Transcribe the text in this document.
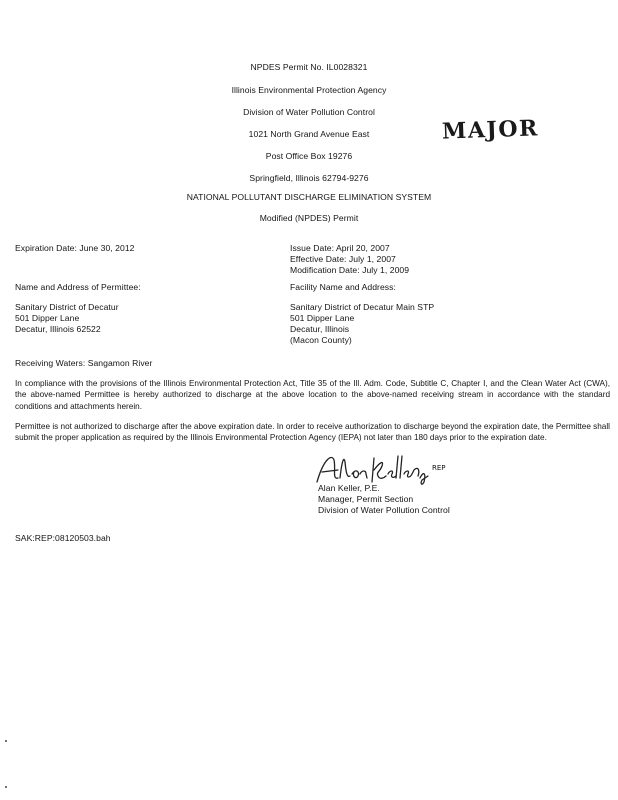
NPDES Permit No. IL0028321
Illinois Environmental Protection Agency
Division of Water Pollution Control
1021 North Grand Avenue East
Post Office Box 19276
Springfield, Illinois 62794-9276
NATIONAL POLLUTANT DISCHARGE ELIMINATION SYSTEM
Modified (NPDES) Permit
MAJOR
Expiration Date: June 30, 2012	Issue Date: April 20, 2007
Effective Date: July 1, 2007
Modification Date: July 1, 2009
Name and Address of Permittee:
Sanitary District of Decatur
501 Dipper Lane
Decatur, Illinois 62522
Facility Name and Address:
Sanitary District of Decatur Main STP
501 Dipper Lane
Decatur, Illinois
(Macon County)
Receiving Waters: Sangamon River
In compliance with the provisions of the Illinois Environmental Protection Act, Title 35 of the Ill. Adm. Code, Subtitle C, Chapter I, and the Clean Water Act (CWA), the above-named Permittee is hereby authorized to discharge at the above location to the above-named receiving stream in accordance with the standard conditions and attachments herein.
Permittee is not authorized to discharge after the above expiration date. In order to receive authorization to discharge beyond the expiration date, the Permittee shall submit the proper application as required by the Illinois Environmental Protection Agency (IEPA) not later than 180 days prior to the expiration date.
REP
Alan Keller, P.E.
Manager, Permit Section
Division of Water Pollution Control
SAK:REP:08120503.bah
